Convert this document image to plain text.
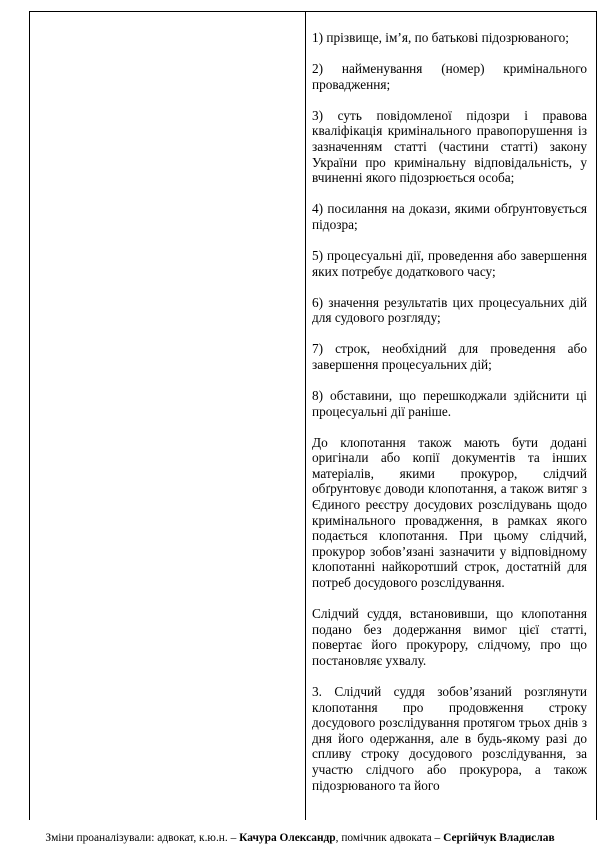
1) прізвище, ім’я, по батькові підозрюваного;

2) найменування (номер) кримінального провадження;

3) суть повідомленої підозри і правова кваліфікація кримінального правопорушення із зазначенням статті (частини статті) закону України про кримінальну відповідальність, у вчиненні якого підозрюється особа;

4) посилання на докази, якими обґрунтовується підозра;

5) процесуальні дії, проведення або завершення яких потребує додаткового часу;

6) значення результатів цих процесуальних дій для судового розгляду;

7) строк, необхідний для проведення або завершення процесуальних дій;

8) обставини, що перешкоджали здійснити ці процесуальні дії раніше.

До клопотання також мають бути додані оригінали або копії документів та інших матеріалів, якими прокурор, слідчий обґрунтовує доводи клопотання, а також витяг з Єдиного реєстру досудових розслідувань щодо кримінального провадження, в рамках якого подається клопотання. При цьому слідчий, прокурор зобов’язані зазначити у відповідному клопотанні найкоротший строк, достатній для потреб досудового розслідування.

Слідчий суддя, встановивши, що клопотання подано без додержання вимог цієї статті, повертає його прокурору, слідчому, про що постановляє ухвалу.

3. Слідчий суддя зобов’язаний розглянути клопотання про продовження строку досудового розслідування протягом трьох днів з дня його одержання, але в будь-якому разі до спливу строку досудового розслідування, за участю слідчого або прокурора, а також підозрюваного та його

Зміни проаналізували: адвокат, к.ю.н. – Качура Олександр, помічник адвоката – Сергійчук Владислав
